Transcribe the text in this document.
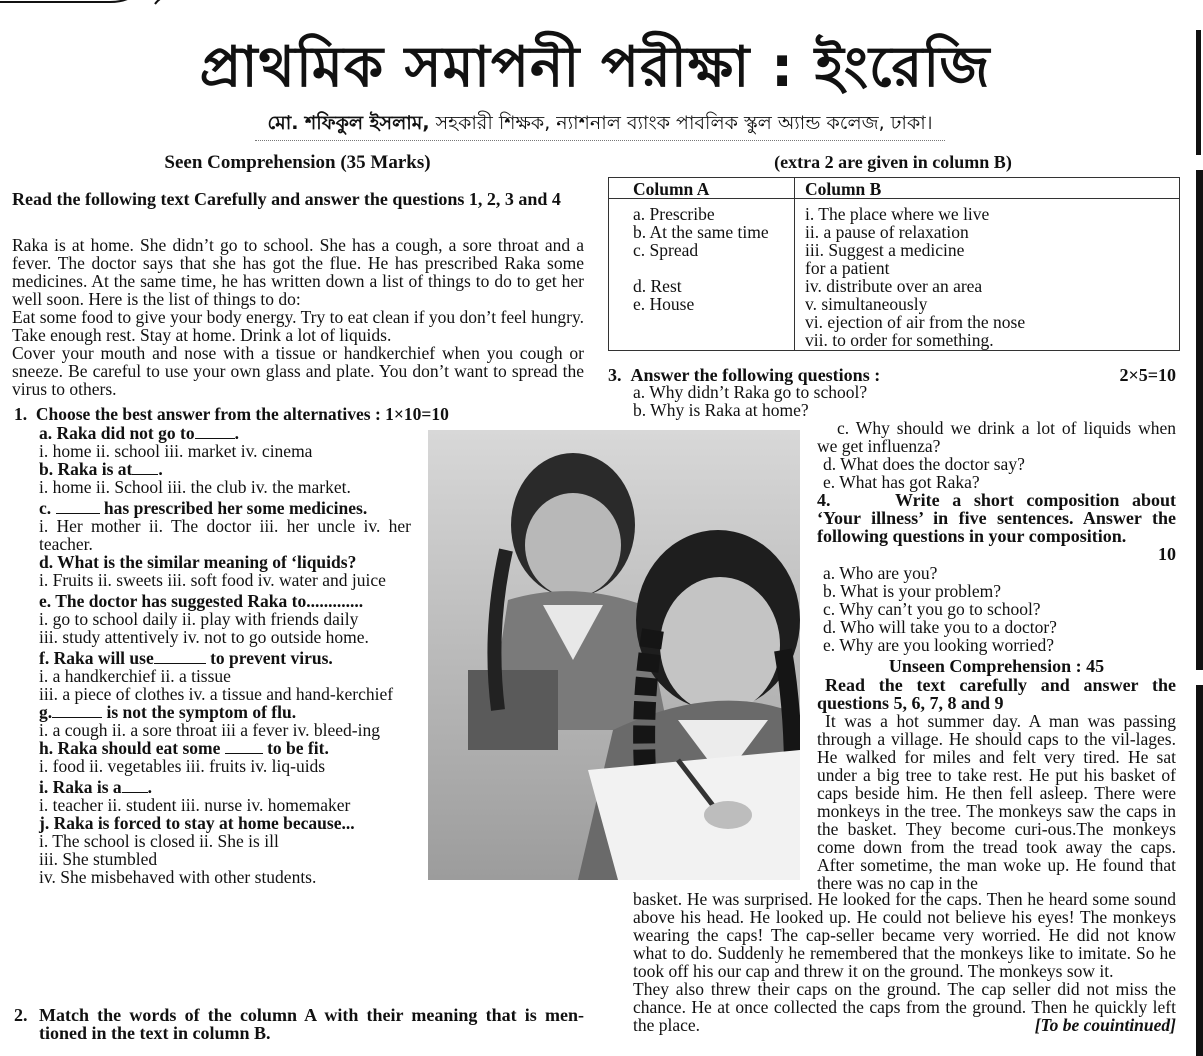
প্রাথমিক সমাপনী পরীক্ষা : ইংরেজি
মো. শফিকুল ইসলাম, সহকারী শিক্ষক, ন্যাশনাল ব্যাংক পাবলিক স্কুল অ্যান্ড কলেজ, ঢাকা।
Seen Comprehension (35 Marks)
Read the following text Carefully and answer the questions 1, 2, 3 and 4

Raka is at home. She didn’t go to school. She has a cough, a sore throat and a fever. The doctor says that she has got the flue. He has prescribed Raka some medicines. At the same time, he has written down a list of things to do to get her well soon. Here is the list of things to do:

Eat some food to give your body energy. Try to eat clean if you don’t feel hungry. Take enough rest. Stay at home. Drink a lot of liquids.

Cover your mouth and nose with a tissue or handkerchief when you cough or sneeze. Be careful to use your own glass and plate. You don’t want to spread the virus to others.

1. Choose the best answer from the alternatives : 1×10=10

a. Raka did not go to .

i. home ii. school iii. market iv. cinema

b. Raka is at .

i. home ii. School iii. the club iv. the market.

c.	has prescribed her some medicines.

i. Her mother ii. The doctor iii. her uncle iv. her teacher.

d. What is the similar meaning of ‘liquids?

i. Fruits ii. sweets iii. soft food iv. water and juice

e. The doctor has suggested Raka to.............

i. go to school daily ii. play with friends daily

iii. study attentively iv. not to go outside home.

f. Raka will use	to prevent virus.

i. a handkerchief ii. a tissue

iii. a piece of clothes iv. a tissue and hand-kerchief

g.	is not the symptom of flu.

i. a cough ii. a sore throat iii a fever iv. bleed-ing

h. Raka should eat some  to be fit.

i. food ii. vegetables iii. fruits iv. liq-uids

i. Raka is a .

i. teacher ii. student iii. nurse iv. homemaker

j. Raka is forced to stay at home because...

i. The school is closed ii. She is ill

iii. She stumbled

iv. She misbehaved with other students.

2. Match the words of the column A with their meaning that is men-tioned in the text in column B.
(extra 2 are given in column B)
Column A	Column B
a. Prescribe	i. The place where we live
b. At the same time	ii. a pause of relaxation
c. Spread	iii. Suggest a medicine
	for a patient
d. Rest	iv. distribute over an area
e. House	v. simultaneously
	vi. ejection of air from the nose
	vii. to order for something.
3. Answer the following questions :	2×5=10

a. Why didn’t Raka go to school?

b. Why is Raka at home?

c. Why should we drink a lot of liquids when we get influenza?

d. What does the doctor say?

e. What has got Raka?

4.	Write a short composition about ‘Your illness’ in five sentences. Answer the following questions in your composition.
10

a. Who are you?

b. What is your problem?

c. Why can’t you go to school?

d. Who will take you to a doctor?

e. Why are you looking worried?

Unseen Comprehension : 45
Read the text carefully and answer the questions 5, 6, 7, 8 and 9

It was a hot summer day. A man was passing through a village. He should caps to the vil-lages. He walked for miles and felt very tired. He sat under a big tree to take rest. He put his basket of caps beside him. He then fell asleep. There were monkeys in the tree. The monkeys saw the caps in the basket. They become curi-ous.The monkeys come down from the tread took away the caps. After sometime, the man woke up. He found that there was no cap in the

basket. He was surprised. He looked for the caps. Then he heard some sound above his head. He looked up. He could not believe his eyes! The monkeys wearing the caps! The cap-seller became very worried. He did not know what to do. Suddenly he remembered that the monkeys like to imitate. So he took off his our cap and threw it on the ground. The monkeys sow it.

They also threw their caps on the ground. The cap seller did not miss the chance. He at once collected the caps from the ground. Then he quickly left the place.	[To be couintinued]
